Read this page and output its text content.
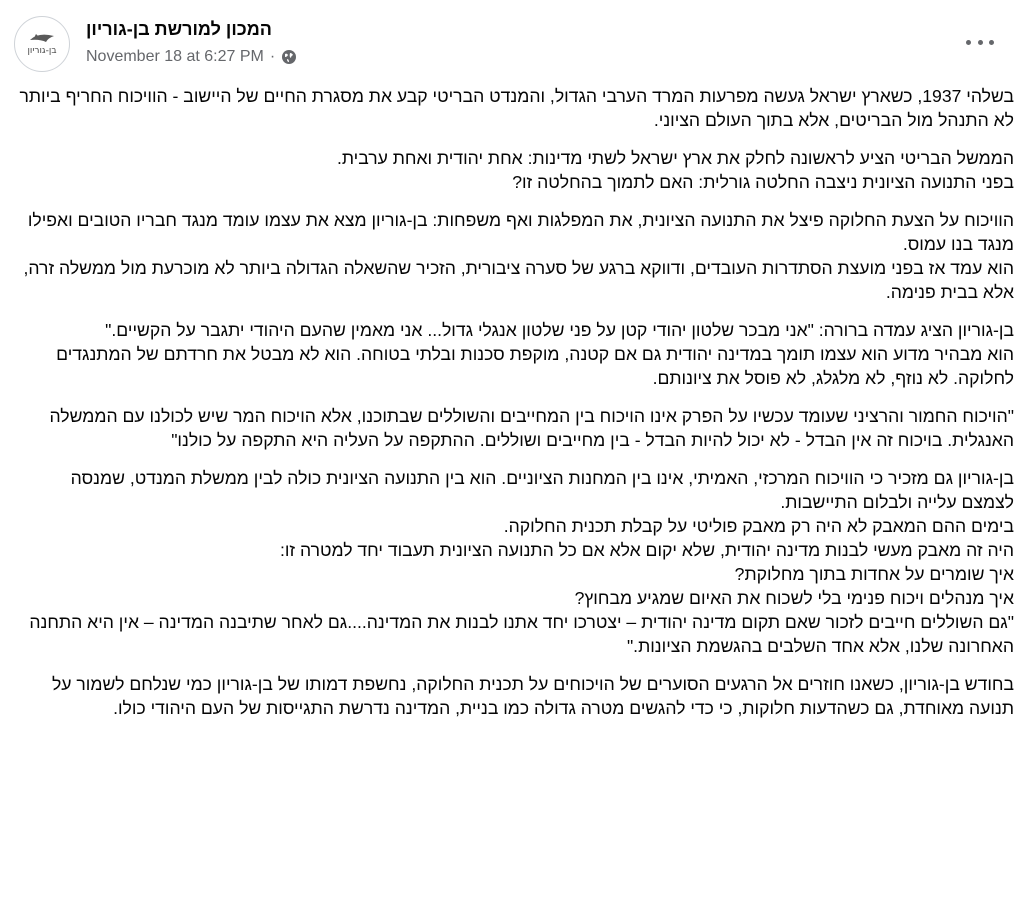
בן-גוריון
המכון למורשת בן-גוריון
November 18 at 6:27 PM ·
בשלהי 1937, כשארץ ישראל געשה מפרעות המרד הערבי הגדול, והמנדט הבריטי קבע את מסגרת החיים של היישוב - הוויכוח החריף ביותר לא התנהל מול הבריטים, אלא בתוך העולם הציוני.
הממשל הבריטי הציע לראשונה לחלק את ארץ ישראל לשתי מדינות: אחת יהודית ואחת ערבית.
בפני התנועה הציונית ניצבה החלטה גורלית: האם לתמוך בהחלטה זו?
הוויכוח על הצעת החלוקה פיצל את התנועה הציונית, את המפלגות ואף משפחות: בן-גוריון מצא את עצמו עומד מנגד חבריו הטובים ואפילו מנגד בנו עמוס.
הוא עמד אז בפני מועצת הסתדרות העובדים, ודווקא ברגע של סערה ציבורית, הזכיר שהשאלה הגדולה ביותר לא מוכרעת מול ממשלה זרה, אלא בבית פנימה.
בן-גוריון הציג עמדה ברורה: "אני מבכר שלטון יהודי קטן על פני שלטון אנגלי גדול... אני מאמין שהעם היהודי יתגבר על הקשיים."
הוא מבהיר מדוע הוא עצמו תומך במדינה יהודית גם אם קטנה, מוקפת סכנות ובלתי בטוחה. הוא לא מבטל את חרדתם של המתנגדים לחלוקה. לא נוזף, לא מלגלג, לא פוסל את ציונותם.
"הויכוח החמור והרציני שעומד עכשיו על הפרק אינו הויכוח בין המחייבים והשוללים שבתוכנו, אלא הויכוח המר שיש לכולנו עם הממשלה האנגלית. בויכוח זה אין הבדל - לא יכול להיות הבדל - בין מחייבים ושוללים. ההתקפה על העליה היא התקפה על כולנו"
בן-גוריון גם מזכיר כי הוויכוח המרכזי, האמיתי, אינו בין המחנות הציוניים. הוא בין התנועה הציונית כולה לבין ממשלת המנדט, שמנסה לצמצם עלייה ולבלום התיישבות.
בימים ההם המאבק לא היה רק מאבק פוליטי על קבלת תכנית החלוקה.
היה זה מאבק מעשי לבנות מדינה יהודית, שלא יקום אלא אם כל התנועה הציונית תעבוד יחד למטרה זו:
איך שומרים על אחדות בתוך מחלוקת?
איך מנהלים ויכוח פנימי בלי לשכוח את האיום שמגיע מבחוץ?
"גם השוללים חייבים לזכור שאם תקום מדינה יהודית – יצטרכו יחד אתנו לבנות את המדינה....גם לאחר שתיבנה המדינה – אין היא התחנה האחרונה שלנו, אלא אחד השלבים בהגשמת הציונות."
בחודש בן-גוריון, כשאנו חוזרים אל הרגעים הסוערים של הויכוחים על תכנית החלוקה, נחשפת דמותו של בן-גוריון כמי שנלחם לשמור על תנועה מאוחדת, גם כשהדעות חלוקות, כי כדי להגשים מטרה גדולה כמו בניית, המדינה נדרשת התגייסות של העם היהודי כולו.
